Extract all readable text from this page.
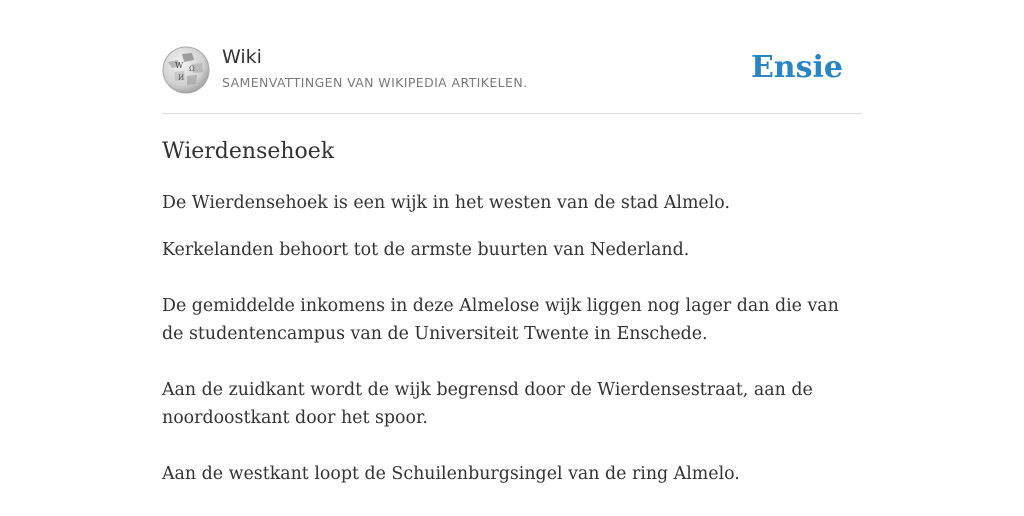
W Ω
И
Wiki
SAMENVATTINGEN VAN WIKIPEDIA ARTIKELEN.	Ensie
Wierdensehoek

De Wierdensehoek is een wijk in het westen van de stad Almelo.

Kerkelanden behoort tot de armste buurten van Nederland.

De gemiddelde inkomens in deze Almelose wijk liggen nog lager dan die van de studentencampus van de Universiteit Twente in Enschede.

Aan de zuidkant wordt de wijk begrensd door de Wierdensestraat, aan de noordoostkant door het spoor.

Aan de westkant loopt de Schuilenburgsingel van de ring Almelo.
